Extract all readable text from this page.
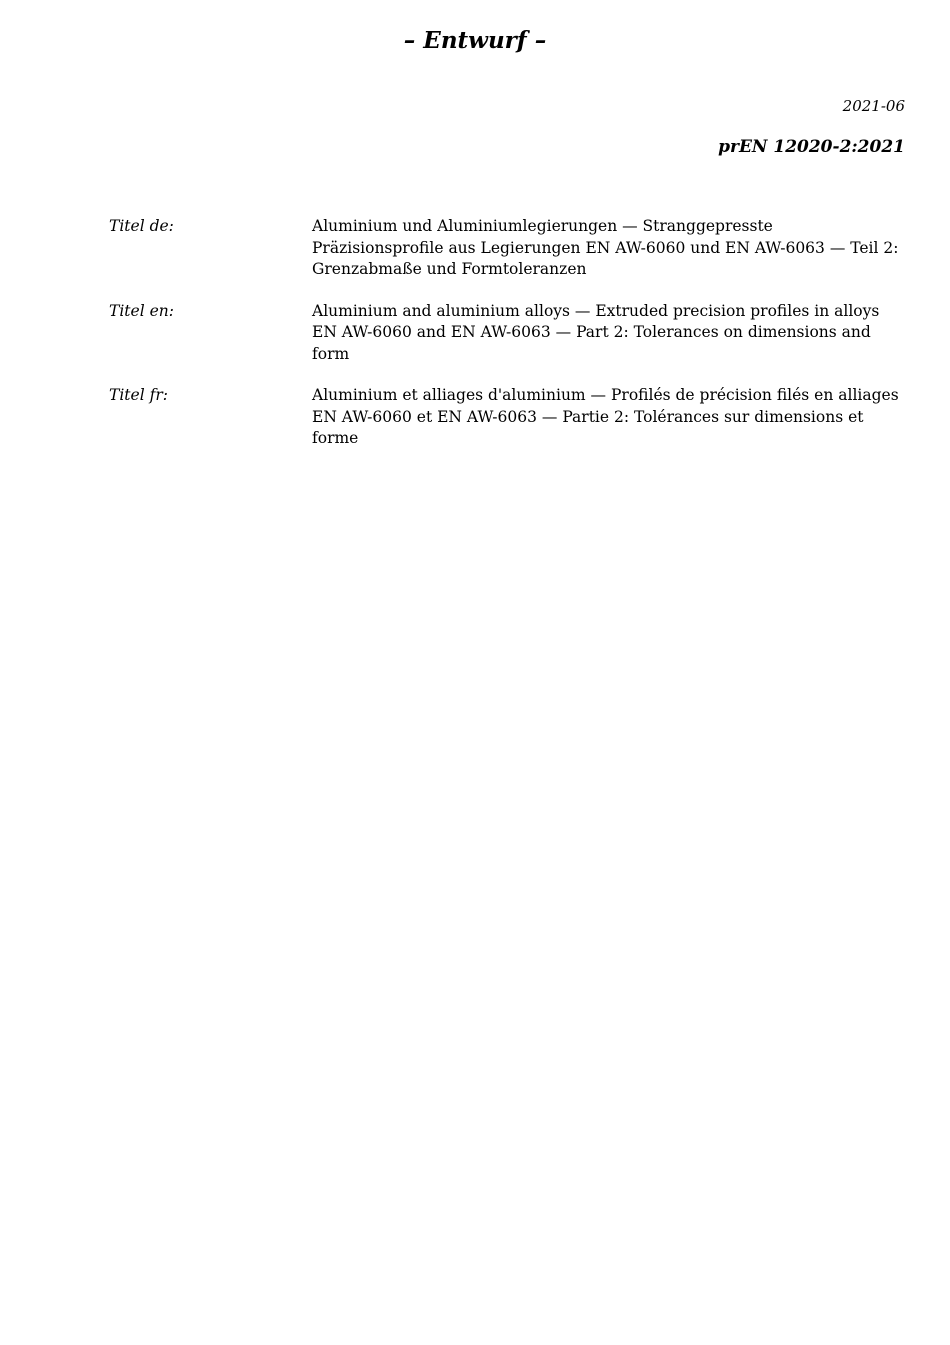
– Entwurf –
2021-06
prEN 12020-2:2021
Titel de:	Aluminium und Aluminiumlegierungen — Stranggepresste Präzisionsprofile aus Legierungen EN AW-6060 und EN AW-6063 — Teil 2: Grenzabmaße und Formtoleranzen
Titel en:	Aluminium and aluminium alloys — Extruded precision profiles in alloys EN AW-6060 and EN AW-6063 — Part 2: Tolerances on dimensions and form
Titel fr:	Aluminium et alliages d'aluminium — Profilés de précision filés en alliages EN AW-6060 et EN AW-6063 — Partie 2: Tolérances sur dimensions et forme
